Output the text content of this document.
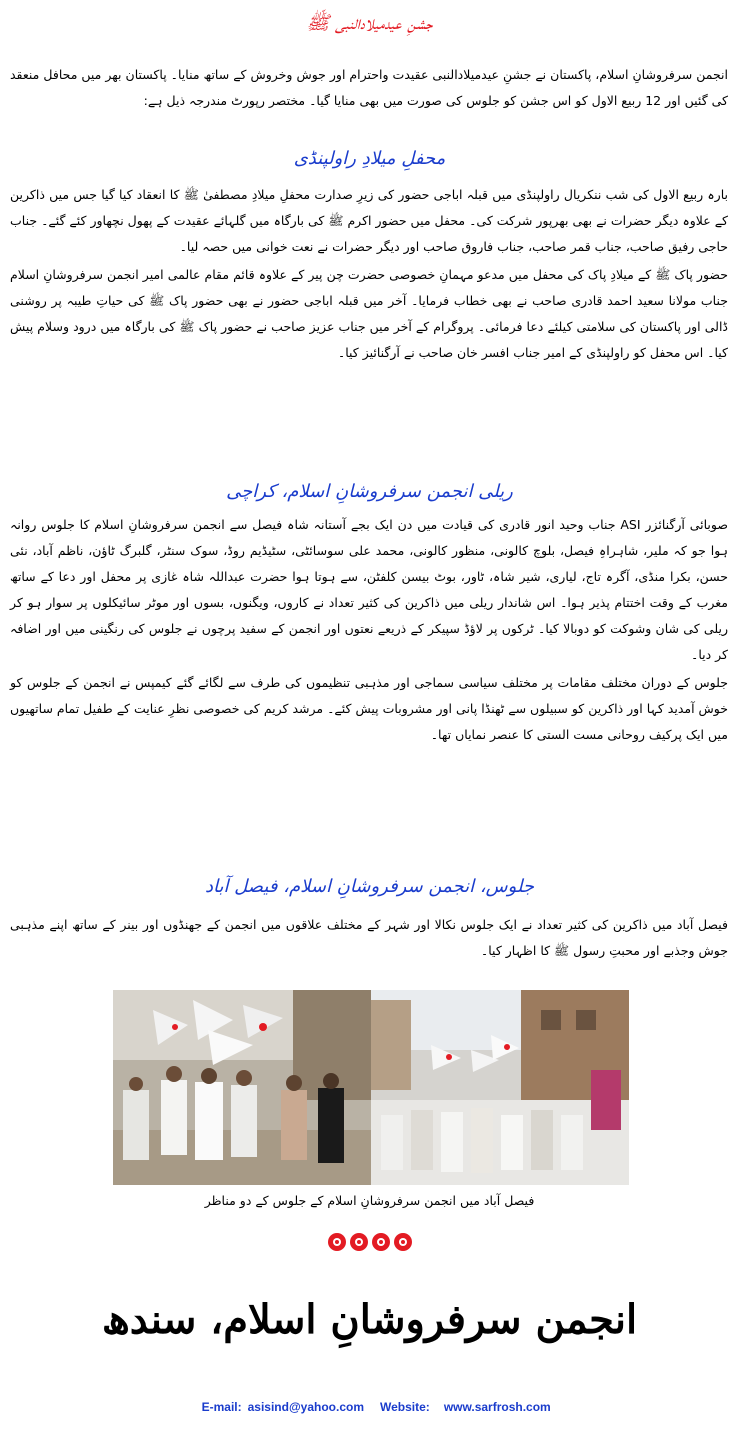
جشنِ عیدمیلادالنبی ﷺ

انجمن سرفروشانِ اسلام، پاکستان نے جشنِ عیدمیلادالنبی عقیدت واحترام اور جوش وخروش کے ساتھ منایا۔ پاکستان بھر میں محافل منعقد کی گئیں اور 12 ربیع الاول کو اس جشن کو جلوس کی صورت میں بھی منایا گیا۔ مختصر رپورٹ مندرجہ ذیل ہے:

محفلِ میلادِ راولپنڈی

بارہ ربیع الاول کی شب ننکریال راولپنڈی میں قبلہ اباجی حضور کی زیرِ صدارت محفلِ میلادِ مصطفیٰ ﷺ کا انعقاد کیا گیا جس میں ذاکرین کے علاوہ دیگر حضرات نے بھی بھرپور شرکت کی۔ محفل میں حضور اکرم ﷺ کی بارگاہ میں گلہائے عقیدت کے پھول نچھاور کئے گئے۔ جناب حاجی رفیق صاحب، جناب قمر صاحب، جناب فاروق صاحب اور دیگر حضرات نے نعت خوانی میں حصہ لیا۔

حضور پاک ﷺ کے میلادِ پاک کی محفل میں مدعو مہمانِ خصوصی حضرت چن پیر کے علاوہ قائم مقام عالمی امیر انجمن سرفروشانِ اسلام جناب مولانا سعید احمد قادری صاحب نے بھی خطاب فرمایا۔ آخر میں قبلہ اباجی حضور نے بھی حضور پاک ﷺ کی حیاتِ طیبہ پر روشنی ڈالی اور پاکستان کی سلامتی کیلئے دعا فرمائی۔ پروگرام کے آخر میں جناب عزیز صاحب نے حضور پاک ﷺ کی بارگاہ میں درود وسلام پیش کیا۔ اس محفل کو راولپنڈی کے امیر جناب افسر خان صاحب نے آرگنائیز کیا۔

ریلی انجمن سرفروشانِ اسلام، کراچی

صوبائی آرگنائزر ASI جناب وحید انور قادری کی قیادت میں دن ایک بجے آستانہ شاہ فیصل سے انجمن سرفروشانِ اسلام کا جلوس روانہ ہوا جو کہ ملیر، شاہراہِ فیصل، بلوچ کالونی، منظور کالونی، محمد علی سوسائٹی، سٹیڈیم روڈ، سوک سنٹر، گلبرگ ٹاؤن، ناظم آباد، نئی حسن، بکرا منڈی، آگرہ تاج، لیاری، شیر شاہ، ٹاور، بوٹ بیسن کلفٹن، سے ہوتا ہوا حضرت عبداللہ شاہ غازی پر محفل اور دعا کے ساتھ مغرب کے وقت اختتام پذیر ہوا۔ اس شاندار ریلی میں ذاکرین کی کثیر تعداد نے کاروں، ویگنوں، بسوں اور موٹر سائیکلوں پر سوار ہو کر ریلی کی شان وشوکت کو دوبالا کیا۔ ٹرکوں پر لاؤڈ سپیکر کے ذریعے نعتوں اور انجمن کے سفید پرچوں نے جلوس کی رنگینی میں اور اضافہ کر دیا۔

جلوس کے دوران مختلف مقامات پر مختلف سیاسی سماجی اور مذہبی تنظیموں کی طرف سے لگائے گئے کیمپس نے انجمن کے جلوس کو خوش آمدید کہا اور ذاکرین کو سبیلوں سے ٹھنڈا پانی اور مشروبات پیش کئے۔ مرشد کریم کی خصوصی نظرِ عنایت کے طفیل تمام ساتھیوں میں ایک پرکیف روحانی مست الستی کا عنصر نمایاں تھا۔

جلوس، انجمن سرفروشانِ اسلام، فیصل آباد

فیصل آباد میں ذاکرین کی کثیر تعداد نے ایک جلوس نکالا اور شہر کے مختلف علاقوں میں انجمن کے جھنڈوں اور بینر کے ساتھ اپنے مذہبی جوش وجذبے اور محبتِ رسول ﷺ کا اظہار کیا۔

فیصل آباد میں انجمن سرفروشانِ اسلام کے جلوس کے دو مناظر

انجمن سرفروشانِ اسلام، سندھ

E-mail: asisind@yahoo.com Website: www.sarfrosh.com
